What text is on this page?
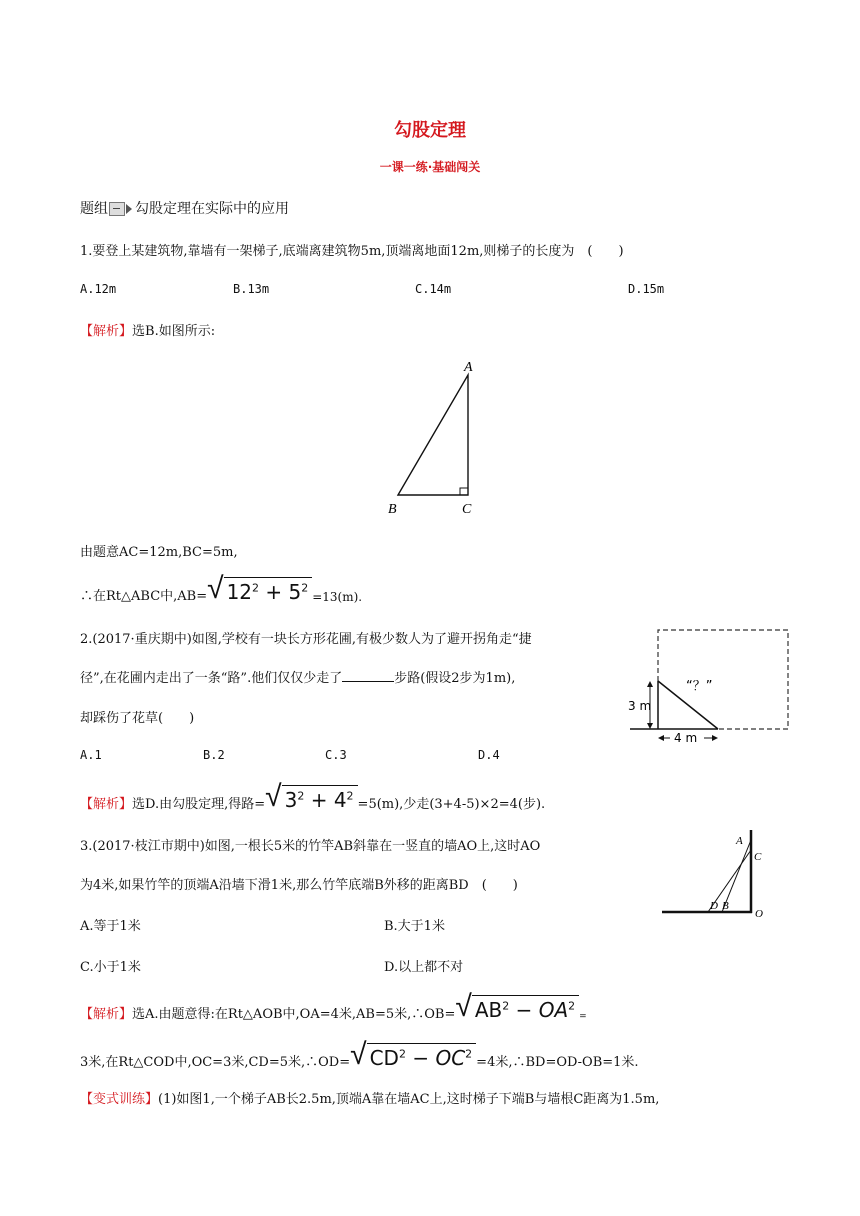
勾股定理
一课一练·基础闯关
题组 勾股定理在实际中的应用
1.要登上某建筑物,靠墙有一架梯子,底端离建筑物5m,顶端离地面12m,则梯子的长度为　(　　)
A.12m	B.13m	C.14m	D.15m
【解析】选B.如图所示:
A
B	C
由题意AC=12m,BC=5m,
∴在Rt△ABC中,AB= √ $12^2 + 5^2$
=13(m).
2.(2017·重庆期中)如图,学校有一块长方形花圃,有极少数人为了避开拐角走“捷
径”,在花圃内走出了一条“路”.他们仅仅少走了	步路(假设2步为1m),
却踩伤了花草(　　)
A.1	B.2	C.3	D.4
“？”
3 m
4 m
【解析】 选D.由勾股定理,得路= √ $3^2 + 4^2$
=5(m),少走(3+4-5)×2=4(步).
3.(2017·枝江市期中)如图,一根长5米的竹竿AB斜靠在一竖直的墙AO上,这时AO
为4米,如果竹竿的顶端A沿墙下滑1米,那么竹竿底端B外移的距离BD　(　　)
A.等于1米	B.大于1米
C.小于1米	D.以上都不对
A
C
D B
O
【解析】 选A.由题意得:在Rt△AOB中,OA=4米,AB=5米,∴OB= √ $AB^2 - OA^2$
=
3米,在Rt△COD中,OC=3米,CD=5米,∴OD= √ $CD^2 - OC^2$
=4米,∴BD=OD-OB=1米.
【变式训练】(1)如图1,一个梯子AB长2.5m,顶端A靠在墙AC上,这时梯子下端B与墙根C距离为1.5m,
